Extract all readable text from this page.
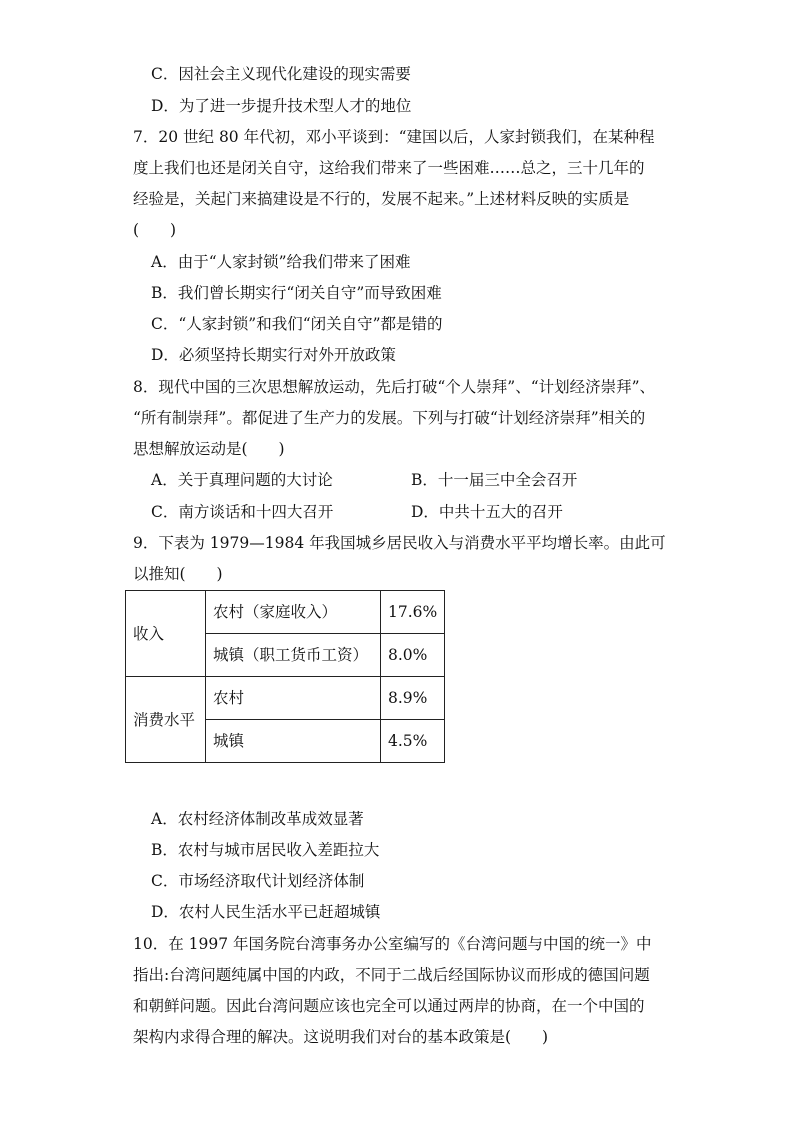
C．因社会主义现代化建设的现实需要
D．为了进一步提升技术型人才的地位
7．20 世纪 80 年代初，邓小平谈到：“建国以后，人家封锁我们，在某种程
度上我们也还是闭关自守，这给我们带来了一些困难……总之，三十几年的
经验是，关起门来搞建设是不行的，发展不起来。”上述材料反映的实质是
(　　)
A．由于“人家封锁”给我们带来了困难
B．我们曾长期实行“闭关自守”而导致困难
C．“人家封锁”和我们“闭关自守”都是错的
D．必须坚持长期实行对外开放政策
8．现代中国的三次思想解放运动，先后打破“个人崇拜”、“计划经济崇拜”、
“所有制崇拜”。都促进了生产力的发展。下列与打破“计划经济崇拜”相关的
思想解放运动是(　　)
A．关于真理问题的大讨论	B．十一届三中全会召开
C．南方谈话和十四大召开	D．中共十五大的召开
9．下表为 1979—1984 年我国城乡居民收入与消费水平平均增长率。由此可
以推知(　　)
收入	农村（家庭收入）	17.6%
	城镇（职工货币工资）	8.0%
消费水平	农村	8.9%
	城镇	4.5%
A．农村经济体制改革成效显著
B．农村与城市居民收入差距拉大
C．市场经济取代计划经济体制
D．农村人民生活水平已赶超城镇
10．在 1997 年国务院台湾事务办公室编写的《台湾问题与中国的统一》中
指出:台湾问题纯属中国的内政，不同于二战后经国际协议而形成的德国问题
和朝鲜问题。因此台湾问题应该也完全可以通过两岸的协商，在一个中国的
架构内求得合理的解决。这说明我们对台的基本政策是(　　)
